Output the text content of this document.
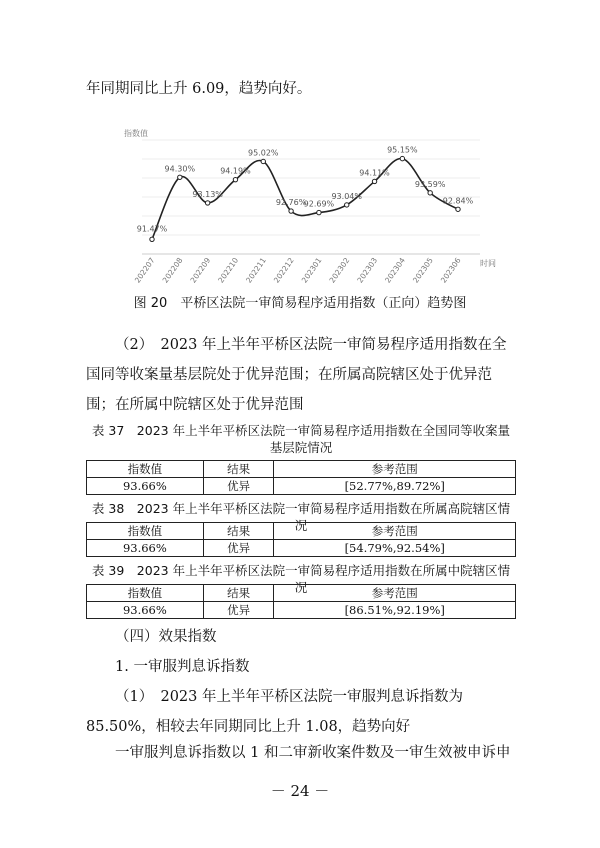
年同期同比上升 6.09，趋势向好。

指数值
时间
91.47%
94.30%
93.13%
94.19%
95.02%
92.76%
92.69%
93.04%
94.11%
95.15%
93.59%
92.84%
202207 202208 202209 202210 202211 202212 202301 202302 202303 202304 202305 202306
图 20　平桥区法院一审简易程序适用指数（正向）趋势图

（2）　2023 年上半年平桥区法院一审简易程序适用指数在全国同等收案量基层院处于优异范围；在所属高院辖区处于优异范围；在所属中院辖区处于优异范围

表 37　2023 年上半年平桥区法院一审简易程序适用指数在全国同等收案量基层院情况
指数值	结果	参考范围
93.66%	优异	[52.77%,89.72%]
表 38　2023 年上半年平桥区法院一审简易程序适用指数在所属高院辖区情况
指数值	结果	参考范围
93.66%	优异	[54.79%,92.54%]
表 39　2023 年上半年平桥区法院一审简易程序适用指数在所属中院辖区情况
指数值	结果	参考范围
93.66%	优异	[86.51%,92.19%]

（四）效果指数

1. 一审服判息诉指数

（1）　2023 年上半年平桥区法院一审服判息诉指数为 85.50%，相较去年同期同比上升 1.08，趋势向好

一审服判息诉指数以 1 和二审新收案件数及一审生效被申诉申

－ 24 －
